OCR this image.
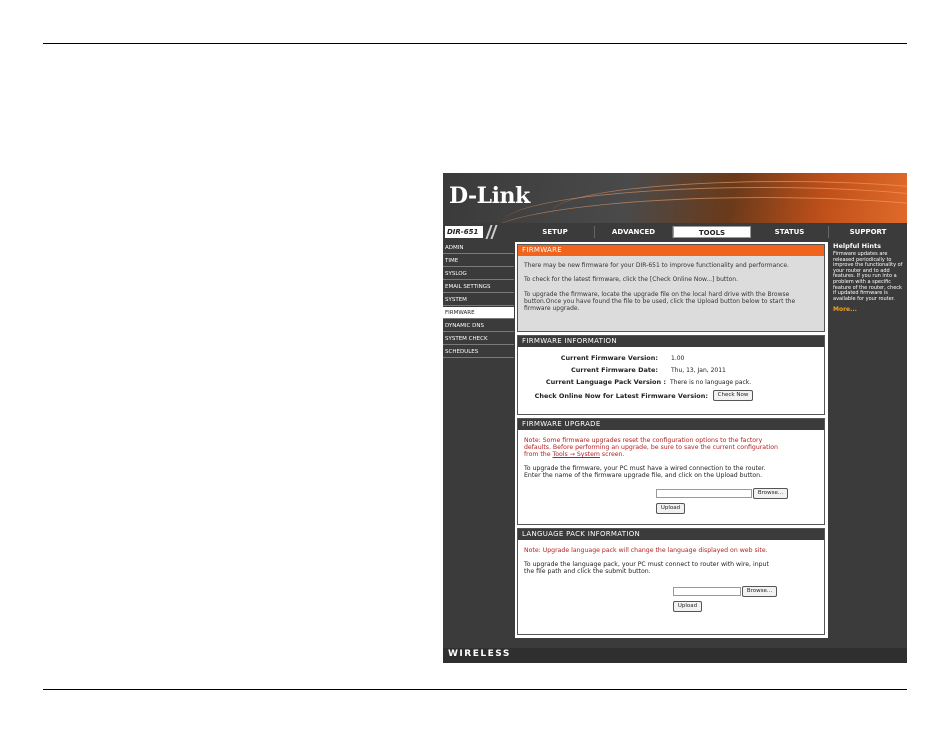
D-Link
DIR-651	SETUP	ADVANCED	TOOLS	STATUS	SUPPORT
ADMIN
TIME
SYSLOG
EMAIL SETTINGS
SYSTEM
FIRMWARE
DYNAMIC DNS
SYSTEM CHECK
SCHEDULES
FIRMWARE
There may be new firmware for your DIR-651 to improve functionality and performance.
To check for the latest firmware, click the [Check Online Now...] button.
To upgrade the firmware, locate the upgrade file on the local hard drive with the Browse button.Once you have found the file to be used, click the Upload button below to start the firmware upgrade.
FIRMWARE INFORMATION
Current Firmware Version: 1.00
Current Firmware Date: Thu, 13, Jan, 2011
Current Language Pack Version : There is no language pack.
Check Online Now for Latest Firmware Version:	Check Now
FIRMWARE UPGRADE
Note: Some firmware upgrades reset the configuration options to the factory
defaults. Before performing an upgrade, be sure to save the current configuration
from the Tools → System screen.
To upgrade the firmware, your PC must have a wired connection to the router.
Enter the name of the firmware upgrade file, and click on the Upload button.
Browse...
Upload
LANGUAGE PACK INFORMATION
Note: Upgrade language pack will change the language displayed on web site.
To upgrade the language pack, your PC must connect to router with wire, input
the file path and click the submit button.
Browse...
Upload
Helpful Hints
Firmware updates are released periodically to improve the functionality of your router and to add features. If you run into a problem with a specific feature of the router, check if updated firmware is available for your router.
More...
WIRELESS
